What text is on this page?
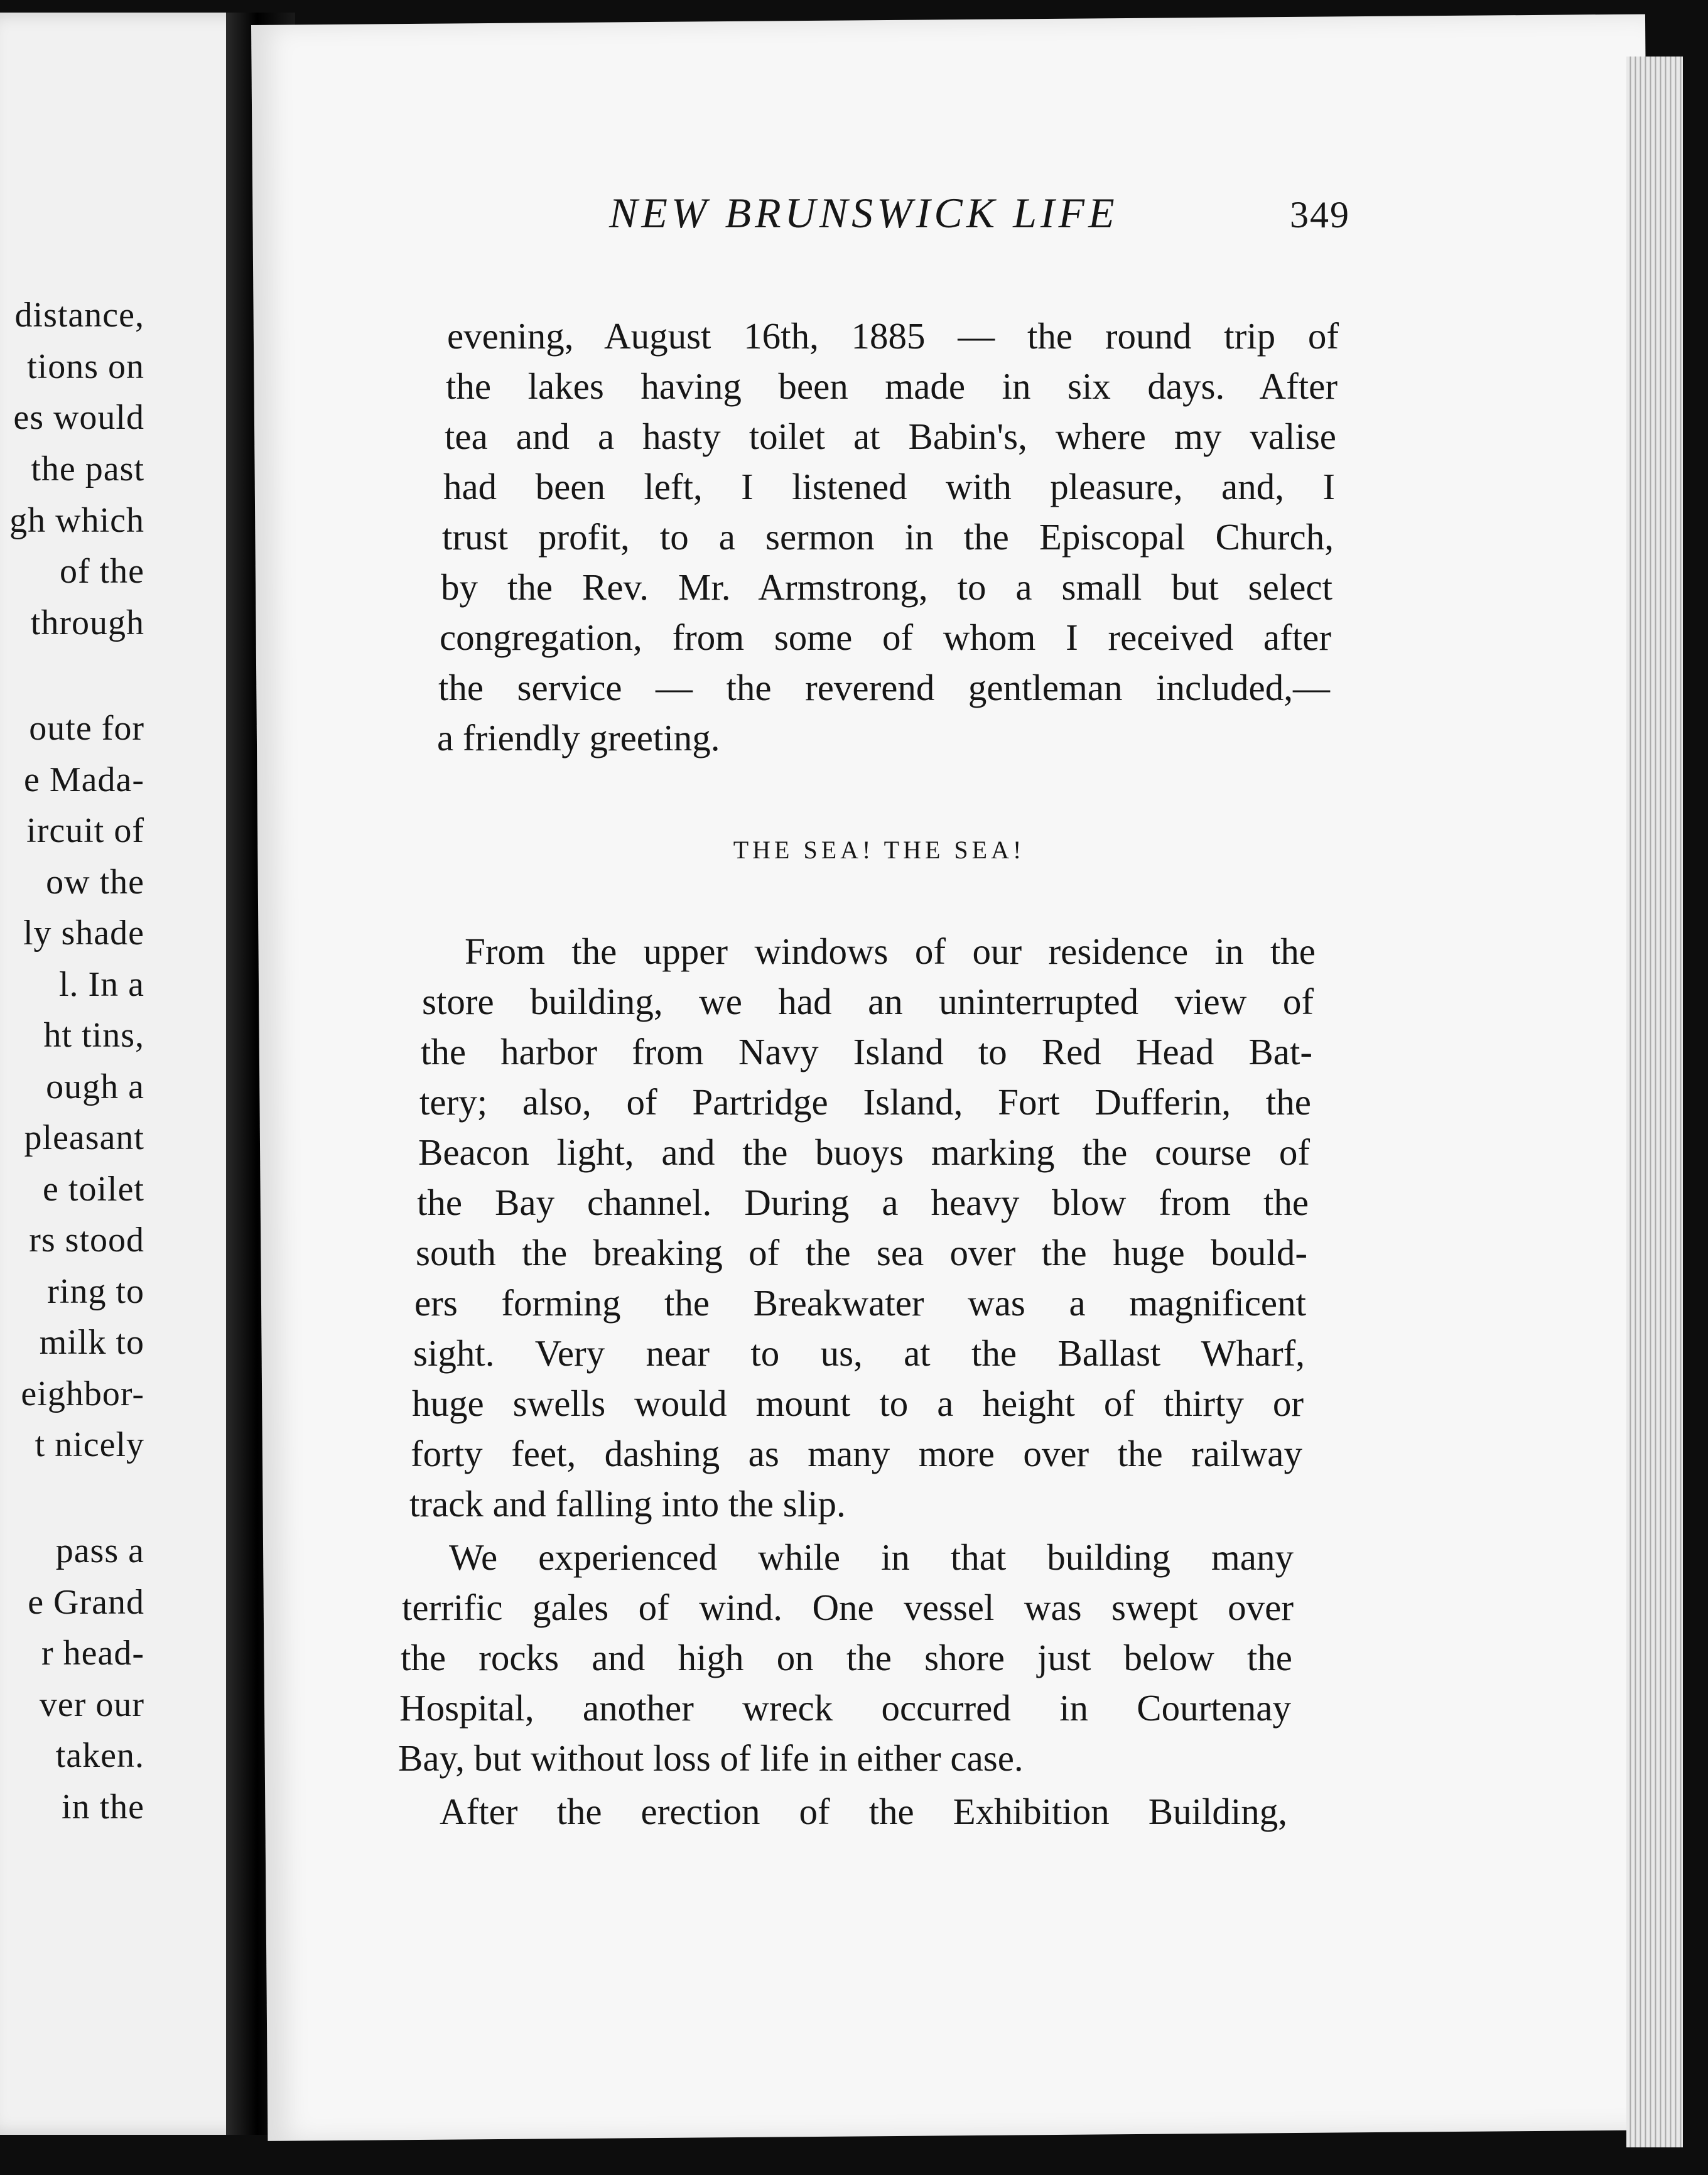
distance,
tions on
es would
the past
gh which
of the
through
oute for
e Mada-
ircuit of
ow the
ly shade
l. In a
ht tins,
ough a
pleasant
e toilet
rs stood
ring to
milk to
eighbor-
t nicely
pass a
e Grand
r head-
ver our
taken.
in the
NEW BRUNSWICK LIFE	349
evening, August 16th, 1885 — the round trip of
the lakes having been made in six days. After
tea and a hasty toilet at Babin's, where my valise
had been left, I listened with pleasure, and, I
trust profit, to a sermon in the Episcopal Church,
by the Rev. Mr. Armstrong, to a small but select
congregation, from some of whom I received after
the service — the reverend gentleman included,—
a friendly greeting.
THE SEA! THE SEA!
From the upper windows of our residence in the
store building, we had an uninterrupted view of
the harbor from Navy Island to Red Head Bat-
tery; also, of Partridge Island, Fort Dufferin, the
Beacon light, and the buoys marking the course of
the Bay channel. During a heavy blow from the
south the breaking of the sea over the huge bould-
ers forming the Breakwater was a magnificent
sight. Very near to us, at the Ballast Wharf,
huge swells would mount to a height of thirty or
forty feet, dashing as many more over the railway
track and falling into the slip.
We experienced while in that building many
terrific gales of wind. One vessel was swept over
the rocks and high on the shore just below the
Hospital, another wreck occurred in Courtenay
Bay, but without loss of life in either case.
After the erection of the Exhibition Building,
